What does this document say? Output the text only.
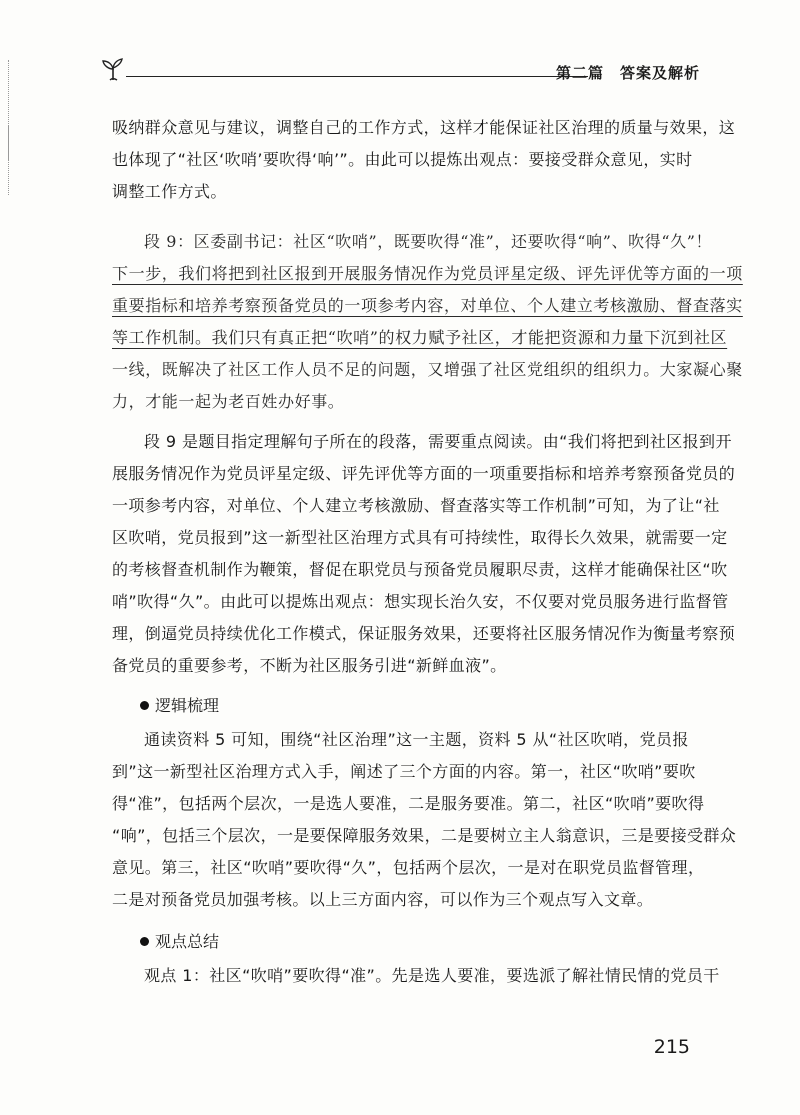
第二篇　答案及解析
吸纳群众意见与建议，调整自己的工作方式，这样才能保证社区治理的质量与效果，这
也体现了“社区‘吹哨’要吹得‘响’”。由此可以提炼出观点：要接受群众意见，实时
调整工作方式。
段 9：区委副书记：社区“吹哨”，既要吹得“准”，还要吹得“响”、吹得“久”！
下一步，我们将把到社区报到开展服务情况作为党员评星定级、评先评优等方面的一项
重要指标和培养考察预备党员的一项参考内容，对单位、个人建立考核激励、督查落实
等工作机制。我们只有真正把“吹哨”的权力赋予社区，才能把资源和力量下沉到社区
一线，既解决了社区工作人员不足的问题，又增强了社区党组织的组织力。大家凝心聚
力，才能一起为老百姓办好事。
段 9 是题目指定理解句子所在的段落，需要重点阅读。由“我们将把到社区报到开
展服务情况作为党员评星定级、评先评优等方面的一项重要指标和培养考察预备党员的
一项参考内容，对单位、个人建立考核激励、督查落实等工作机制”可知，为了让“社
区吹哨，党员报到”这一新型社区治理方式具有可持续性，取得长久效果，就需要一定
的考核督查机制作为鞭策，督促在职党员与预备党员履职尽责，这样才能确保社区“吹
哨”吹得“久”。由此可以提炼出观点：想实现长治久安，不仅要对党员服务进行监督管
理，倒逼党员持续优化工作模式，保证服务效果，还要将社区服务情况作为衡量考察预
备党员的重要参考，不断为社区服务引进“新鲜血液”。
逻辑梳理
通读资料 5 可知，围绕“社区治理”这一主题，资料 5 从“社区吹哨，党员报
到”这一新型社区治理方式入手，阐述了三个方面的内容。第一，社区“吹哨”要吹
得“准”，包括两个层次，一是选人要准，二是服务要准。第二，社区“吹哨”要吹得
“响”，包括三个层次，一是要保障服务效果，二是要树立主人翁意识，三是要接受群众
意见。第三，社区“吹哨”要吹得“久”，包括两个层次，一是对在职党员监督管理，
二是对预备党员加强考核。以上三方面内容，可以作为三个观点写入文章。
观点总结
观点 1：社区“吹哨”要吹得“准”。先是选人要准，要选派了解社情民情的党员干
215
